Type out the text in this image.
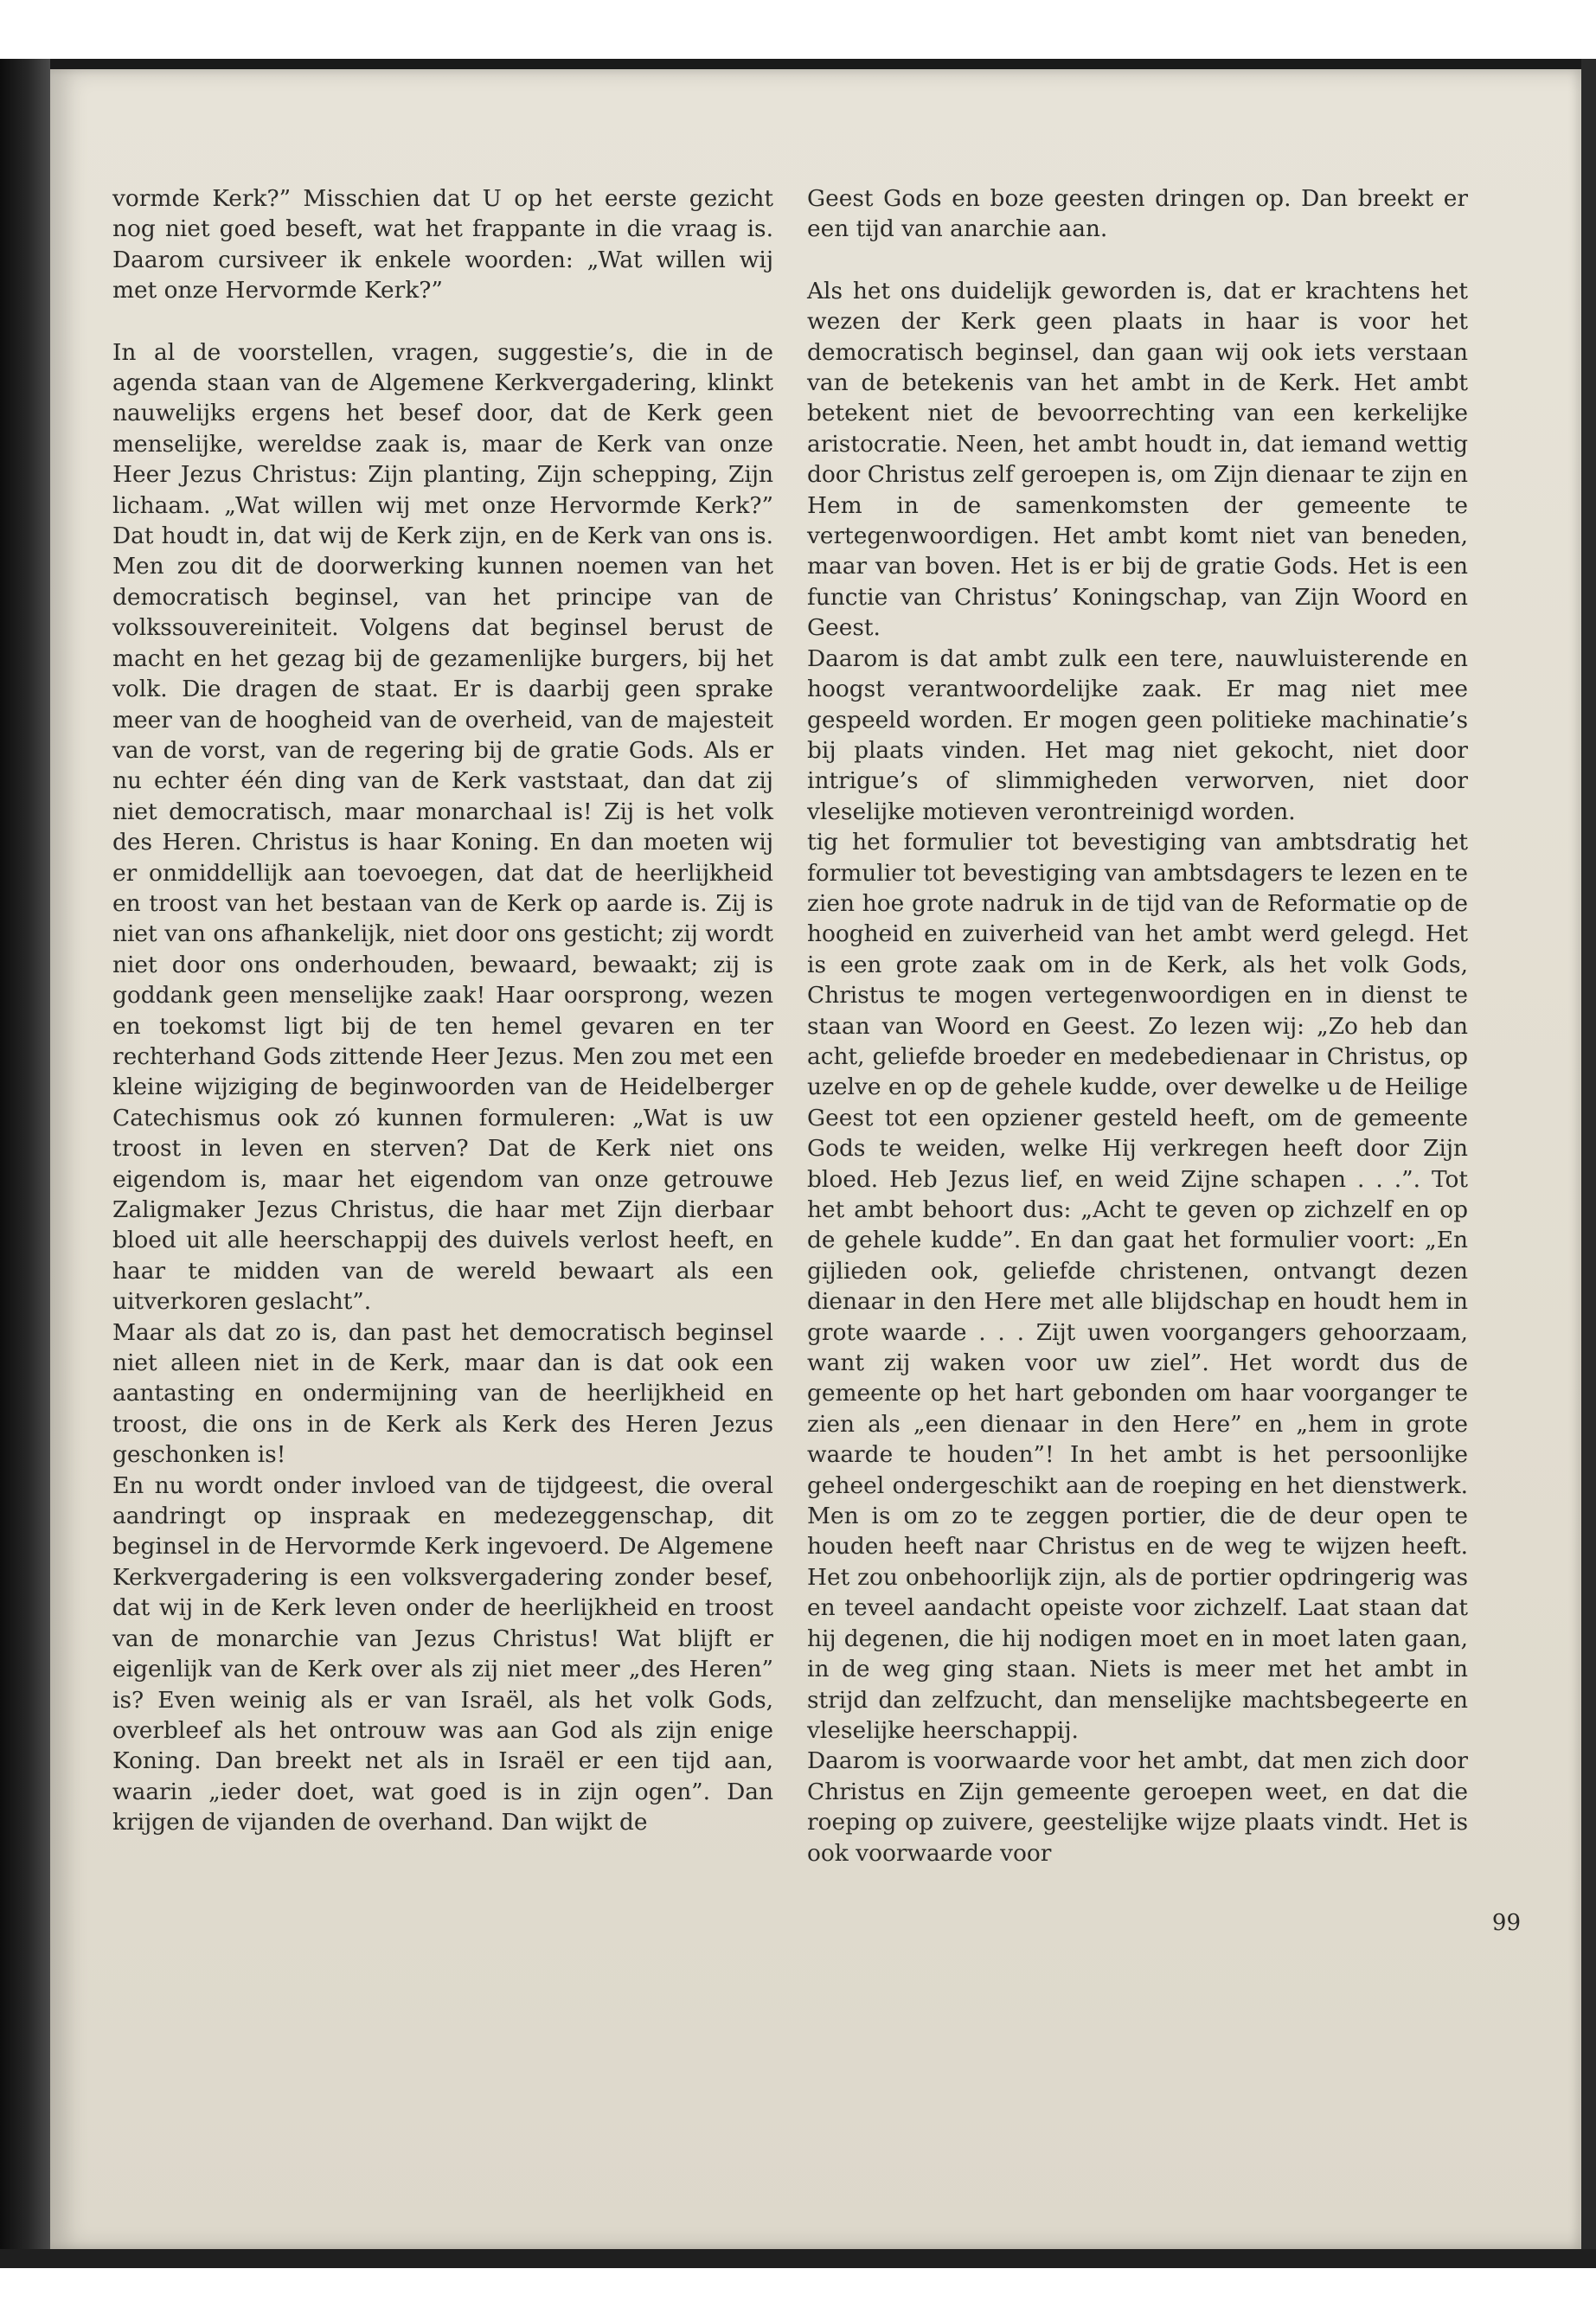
vormde Kerk?” Misschien dat U op het eerste gezicht nog niet goed beseft, wat het frappante in die vraag is. Daarom cursiveer ik enkele woorden: „Wat willen wij met onze Hervormde Kerk?”

In al de voorstellen, vragen, suggestie’s, die in de agenda staan van de Algemene Kerkvergadering, klinkt nauwelijks ergens het besef door, dat de Kerk geen menselijke, wereldse zaak is, maar de Kerk van onze Heer Jezus Christus: Zijn planting, Zijn schepping, Zijn lichaam. „Wat willen wij met onze Hervormde Kerk?” Dat houdt in, dat wij de Kerk zijn, en de Kerk van ons is. Men zou dit de doorwerking kunnen noemen van het democratisch beginsel, van het principe van de volkssouvereiniteit. Volgens dat beginsel berust de macht en het gezag bij de gezamenlijke burgers, bij het volk. Die dragen de staat. Er is daarbij geen sprake meer van de hoogheid van de overheid, van de majesteit van de vorst, van de regering bij de gratie Gods. Als er nu echter één ding van de Kerk vaststaat, dan dat zij niet democratisch, maar monarchaal is! Zij is het volk des Heren. Christus is haar Koning. En dan moeten wij er onmiddellijk aan toevoegen, dat dat de heerlijkheid en troost van het bestaan van de Kerk op aarde is. Zij is niet van ons afhankelijk, niet door ons gesticht; zij wordt niet door ons onderhouden, bewaard, bewaakt; zij is goddank geen menselijke zaak! Haar oorsprong, wezen en toekomst ligt bij de ten hemel gevaren en ter rechterhand Gods zittende Heer Jezus. Men zou met een kleine wijziging de beginwoorden van de Heidelberger Catechismus ook zó kunnen formuleren: „Wat is uw troost in leven en sterven? Dat de Kerk niet ons eigendom is, maar het eigendom van onze getrouwe Zaligmaker Jezus Christus, die haar met Zijn dierbaar bloed uit alle heerschappij des duivels verlost heeft, en haar te midden van de wereld bewaart als een uitverkoren geslacht”.

Maar als dat zo is, dan past het democratisch beginsel niet alleen niet in de Kerk, maar dan is dat ook een aantasting en ondermijning van de heerlijkheid en troost, die ons in de Kerk als Kerk des Heren Jezus geschonken is!

En nu wordt onder invloed van de tijdgeest, die overal aandringt op inspraak en medezeggenschap, dit beginsel in de Hervormde Kerk ingevoerd. De Algemene Kerkvergadering is een volksvergadering zonder besef, dat wij in de Kerk leven onder de heerlijkheid en troost van de monarchie van Jezus Christus! Wat blijft er eigenlijk van de Kerk over als zij niet meer „des Heren” is? Even weinig als er van Israël, als het volk Gods, overbleef als het ontrouw was aan God als zijn enige Koning. Dan breekt net als in Israël er een tijd aan, waarin „ieder doet, wat goed is in zijn ogen”. Dan krijgen de vijanden de overhand. Dan wijkt de

Geest Gods en boze geesten dringen op. Dan breekt er een tijd van anarchie aan.

Als het ons duidelijk geworden is, dat er krachtens het wezen der Kerk geen plaats in haar is voor het democratisch beginsel, dan gaan wij ook iets verstaan van de betekenis van het ambt in de Kerk. Het ambt betekent niet de bevoorrechting van een kerkelijke aristocratie. Neen, het ambt houdt in, dat iemand wettig door Christus zelf geroepen is, om Zijn dienaar te zijn en Hem in de samenkomsten der gemeente te vertegenwoordigen. Het ambt komt niet van beneden, maar van boven. Het is er bij de gratie Gods. Het is een functie van Christus’ Koningschap, van Zijn Woord en Geest.

Daarom is dat ambt zulk een tere, nauwluisterende en hoogst verantwoordelijke zaak. Er mag niet mee gespeeld worden. Er mogen geen politieke machinatie’s bij plaats vinden. Het mag niet gekocht, niet door intrigue’s of slimmigheden verworven, niet door vleselijke motieven verontreinigd worden.

tig het formulier tot bevestiging van ambtsdratig het formulier tot bevestiging van ambtsdagers te lezen en te zien hoe grote nadruk in de tijd van de Reformatie op de hoogheid en zuiverheid van het ambt werd gelegd. Het is een grote zaak om in de Kerk, als het volk Gods, Christus te mogen vertegenwoordigen en in dienst te staan van Woord en Geest. Zo lezen wij: „Zo heb dan acht, geliefde broeder en medebedienaar in Christus, op uzelve en op de gehele kudde, over dewelke u de Heilige Geest tot een opziener gesteld heeft, om de gemeente Gods te weiden, welke Hij verkregen heeft door Zijn bloed. Heb Jezus lief, en weid Zijne schapen . . .”. Tot het ambt behoort dus: „Acht te geven op zichzelf en op de gehele kudde”. En dan gaat het formulier voort: „En gijlieden ook, geliefde christenen, ontvangt dezen dienaar in den Here met alle blijdschap en houdt hem in grote waarde . . . Zijt uwen voorgangers gehoorzaam, want zij waken voor uw ziel”. Het wordt dus de gemeente op het hart gebonden om haar voorganger te zien als „een dienaar in den Here” en „hem in grote waarde te houden”! In het ambt is het persoonlijke geheel ondergeschikt aan de roeping en het dienstwerk. Men is om zo te zeggen portier, die de deur open te houden heeft naar Christus en de weg te wijzen heeft. Het zou onbehoorlijk zijn, als de portier opdringerig was en teveel aandacht opeiste voor zichzelf. Laat staan dat hij degenen, die hij nodigen moet en in moet laten gaan, in de weg ging staan. Niets is meer met het ambt in strijd dan zelfzucht, dan menselijke machtsbegeerte en vleselijke heerschappij.

Daarom is voorwaarde voor het ambt, dat men zich door Christus en Zijn gemeente geroepen weet, en dat die roeping op zuivere, geestelijke wijze plaats vindt. Het is ook voorwaarde voor

99
